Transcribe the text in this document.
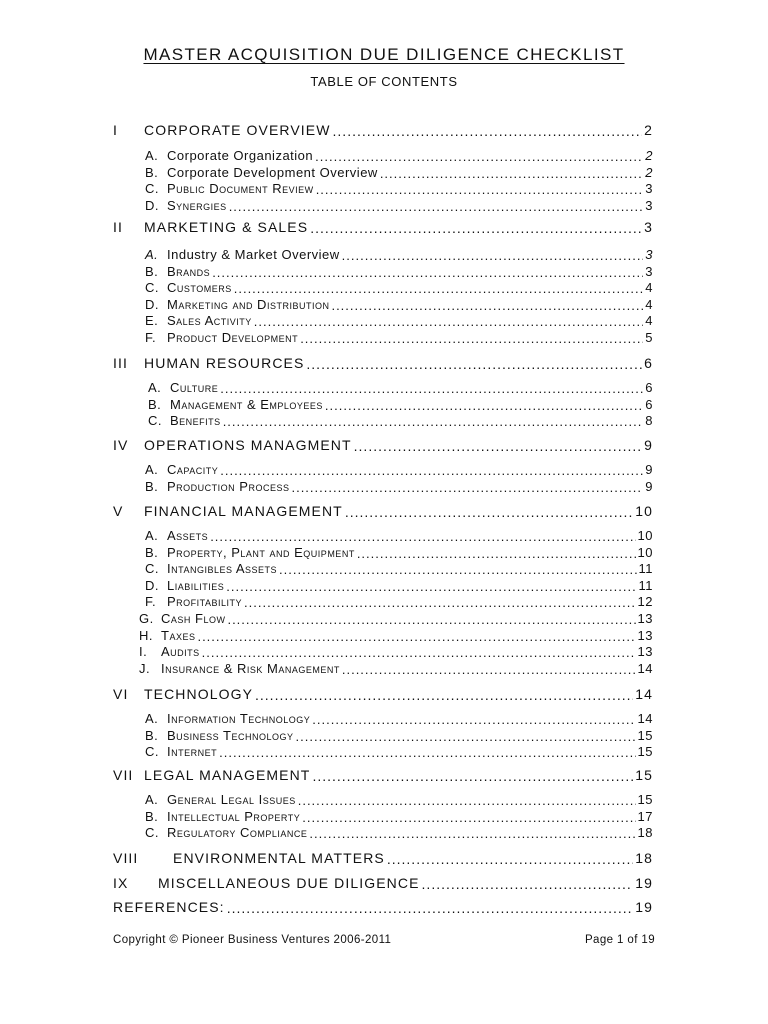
MASTER ACQUISITION DUE DILIGENCE CHECKLIST
TABLE OF CONTENTS
I	CORPORATE OVERVIEW .....	2
A. Corporate Organization .....	2
B. Corporate Development Overview .....	2
C. Public Document Review .....	3
D. Synergies .....	3
II	MARKETING & SALES .....	3
A. Industry & Market Overview .....	3
B. Brands .....	3
C. Customers .....	4
D. Marketing and Distribution .....	4
E. Sales Activity .....	4
F. Product Development .....	5
III	HUMAN RESOURCES .....	6
A. Culture .....	6
B. Management & Employees .....	6
C. Benefits .....	8
IV	OPERATIONS MANAGMENT .....	9
A. Capacity .....	9
B. Production Process .....	9
V	FINANCIAL MANAGEMENT .....	10
A. Assets .....	10
B. Property, Plant and Equipment .....	10
C. Intangibles Assets .....	11
D. Liabilities .....	11
F. Profitability .....	12
G. Cash Flow .....	13
H. Taxes .....	13
I.	Audits .....	13
J. Insurance & Risk Management .....	14
VI	TECHNOLOGY .....	14
A. Information Technology .....	14
B. Business Technology .....	15
C. Internet .....	15
VII LEGAL MANAGEMENT .....	15
A. General Legal Issues .....	15
B. Intellectual Property .....	17
C. Regulatory Compliance .....	18
VIII	ENVIRONMENTAL MATTERS .....	18
IX	MISCELLANEOUS DUE DILIGENCE .....	19
REFERENCES: .....	19
Copyright © Pioneer Business Ventures 2006-2011	Page 1 of 19
